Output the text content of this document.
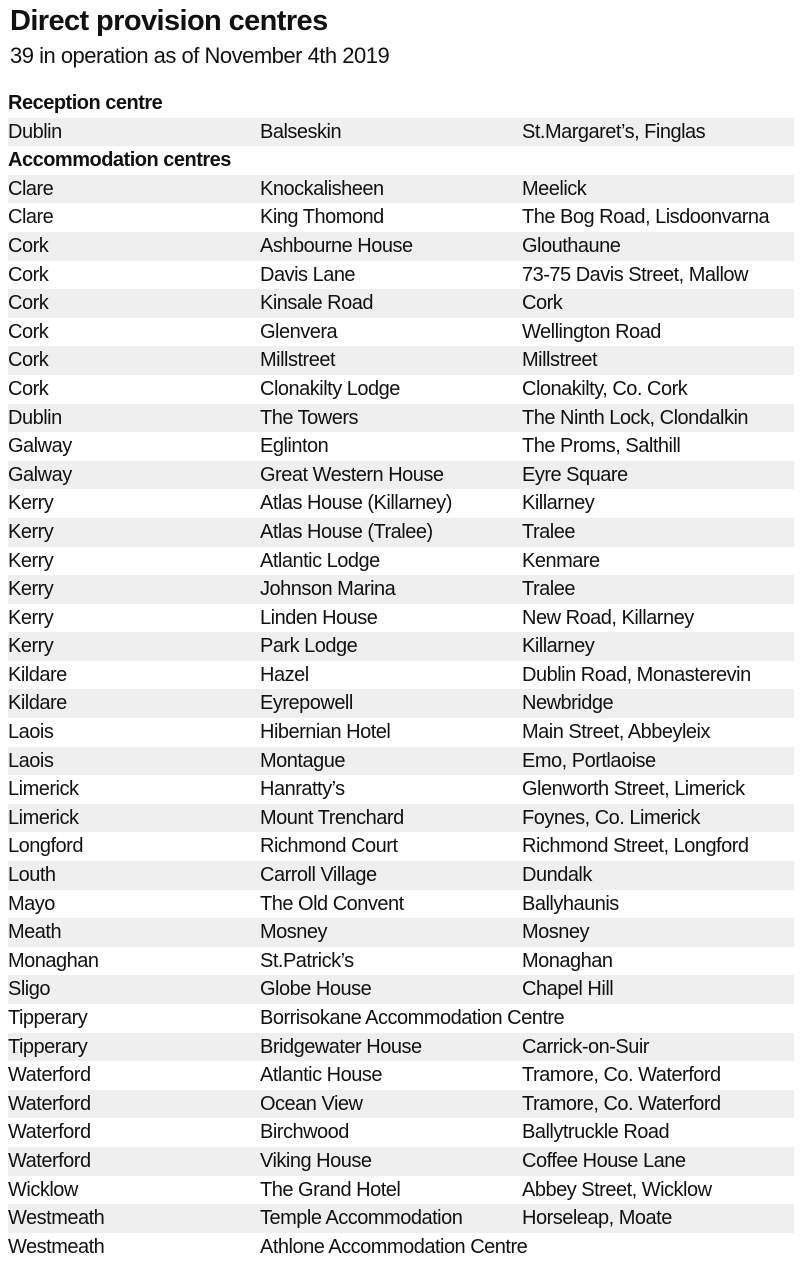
Direct provision centres
39 in operation as of November 4th 2019
Reception centre
Dublin	Balseskin	St.Margaret’s, Finglas
Accommodation centres
Clare	Knockalisheen	Meelick
Clare	King Thomond	The Bog Road, Lisdoonvarna
Cork	Ashbourne House	Glouthaune
Cork	Davis Lane	73-75 Davis Street, Mallow
Cork	Kinsale Road	Cork
Cork	Glenvera	Wellington Road
Cork	Millstreet	Millstreet
Cork	Clonakilty Lodge	Clonakilty, Co. Cork
Dublin	The Towers	The Ninth Lock, Clondalkin
Galway	Eglinton	The Proms, Salthill
Galway	Great Western House	Eyre Square
Kerry	Atlas House (Killarney)	Killarney
Kerry	Atlas House (Tralee)	Tralee
Kerry	Atlantic Lodge	Kenmare
Kerry	Johnson Marina	Tralee
Kerry	Linden House	New Road, Killarney
Kerry	Park Lodge	Killarney
Kildare	Hazel	Dublin Road, Monasterevin
Kildare	Eyrepowell	Newbridge
Laois	Hibernian Hotel	Main Street, Abbeyleix
Laois	Montague	Emo, Portlaoise
Limerick	Hanratty’s	Glenworth Street, Limerick
Limerick	Mount Trenchard	Foynes, Co. Limerick
Longford	Richmond Court	Richmond Street, Longford
Louth	Carroll Village	Dundalk
Mayo	The Old Convent	Ballyhaunis
Meath	Mosney	Mosney
Monaghan	St.Patrick’s	Monaghan
Sligo	Globe House	Chapel Hill
Tipperary	Borrisokane Accommodation Centre
Tipperary	Bridgewater House	Carrick-on-Suir
Waterford	Atlantic House	Tramore, Co. Waterford
Waterford	Ocean View	Tramore, Co. Waterford
Waterford	Birchwood	Ballytruckle Road
Waterford	Viking House	Coffee House Lane
Wicklow	The Grand Hotel	Abbey Street, Wicklow
Westmeath	Temple Accommodation	Horseleap, Moate
Westmeath	Athlone Accommodation Centre
